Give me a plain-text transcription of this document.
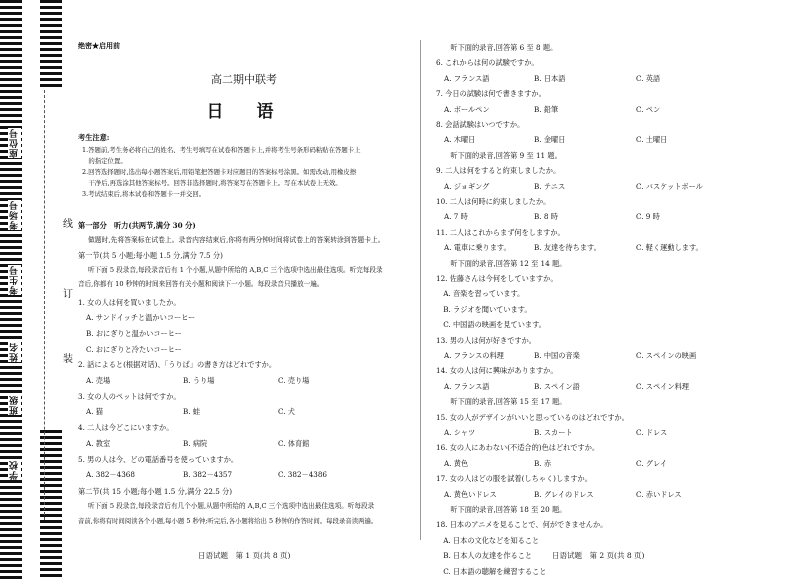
座位号
考场号
考生号
姓名
班级
学校
线
订
装
绝密★启用前
高二期中联考
日　语
考生注意:
1.答题前,考生务必将自己的姓名、考生号填写在试卷和答题卡上,并将考生号条形码粘贴在答题卡上
　的指定位置。
2.回答选择题时,选出每小题答案后,用铅笔把答题卡对应题目的答案标号涂黑。如需改动,用橡皮擦
　干净后,再选涂其他答案标号。回答非选择题时,将答案写在答题卡上。写在本试卷上无效。
3.考试结束后,将本试卷和答题卡一并交回。
第一部分　听力(共两节,满分 30 分)
做题时,先将答案标在试卷上。录音内容结束后,你将有两分钟时间将试卷上的答案转涂到答题卡上。
第一节(共 5 小题;每小题 1.5 分,满分 7.5 分)
听下面 5 段录音,每段录音后有 1 个小题,从题中所给的 A,B,C 三个选项中选出最佳选项。听完每段录
音后,你都有 10 秒钟的时间来回答有关小题和阅读下一小题。每段录音只播放一遍。
1. 女の人は何を買いましたか。
A. サンドイッチと温かいコーヒー
B. おにぎりと温かいコーヒー
C. おにぎりと冷たいコーヒー
2. 話によると(根据对话)、「うりば」の書き方はどれですか。
A. 売場	B. うり場	C. 売り場
3. 女の人のペットは何ですか。
A. 猫	B. 蛙	C. 犬
4. 二人は今どこにいますか。
A. 教室	B. 病院	C. 体育館
5. 男の人は今、どの電話番号を使っていますか。
A. 382－4368	B. 382－4357	C. 382－4386
第二节(共 15 小题;每小题 1.5 分,满分 22.5 分)
听下面 5 段录音,每段录音后有几个小题,从题中所给的 A,B,C 三个选项中选出最佳选项。听每段录
音前,你将有时间阅读各个小题,每小题 5 秒钟;听完后,各小题将给出 5 秒钟的作答时间。每段录音读两遍。
日语试题　第 1 页(共 8 页)
　　听下面的录音,回答第 6 至 8 题。
6. これからは何の試験ですか。
A. フランス語	B. 日本語	C. 英語
7. 今日の試験は何で書きますか。
A. ボールペン	B. 鉛筆	C. ペン
8. 会話試験はいつですか。
A. 木曜日	B. 金曜日	C. 土曜日
　　听下面的录音,回答第 9 至 11 题。
9. 二人は何をすると約束しましたか。
A. ジョギング	B. テニス	C. バスケットボール
10. 二人は何時に約束しましたか。
A. 7 時	B. 8 時	C. 9 時
11. 二人はこれからまず何をしますか。
A. 電車に乗ります。	B. 友達を待ちます。	C. 軽く運動します。
　　听下面的录音,回答第 12 至 14 题。
12. 佐藤さんは今何をしていますか。
　A. 音楽を習っています。
　B. ラジオを聞いています。
　C. 中国語の映画を見ています。
13. 男の人は何が好きですか。
A. フランスの料理	B. 中国の音楽	C. スペインの映画
14. 女の人は何に興味がありますか。
A. フランス語	B. スペイン語	C. スペイン料理
　　听下面的录音,回答第 15 至 17 题。
15. 女の人がデザインがいいと思っているのはどれですか。
A. シャツ	B. スカート	C. ドレス
16. 女の人にあわない(不适合的)色はどれですか。
A. 黄色	B. 赤	C. グレイ
17. 女の人はどの服を試着(しちゃく)しますか。
A. 黄色いドレス	B. グレイのドレス	C. 赤いドレス
　　听下面的录音,回答第 18 至 20 题。
18. 日本のアニメを見ることで、何ができませんか。
　A. 日本の文化などを知ること
　B. 日本人の友達を作ること
　C. 日本語の聴解を練習すること
日语试题　第 2 页(共 8 页)
